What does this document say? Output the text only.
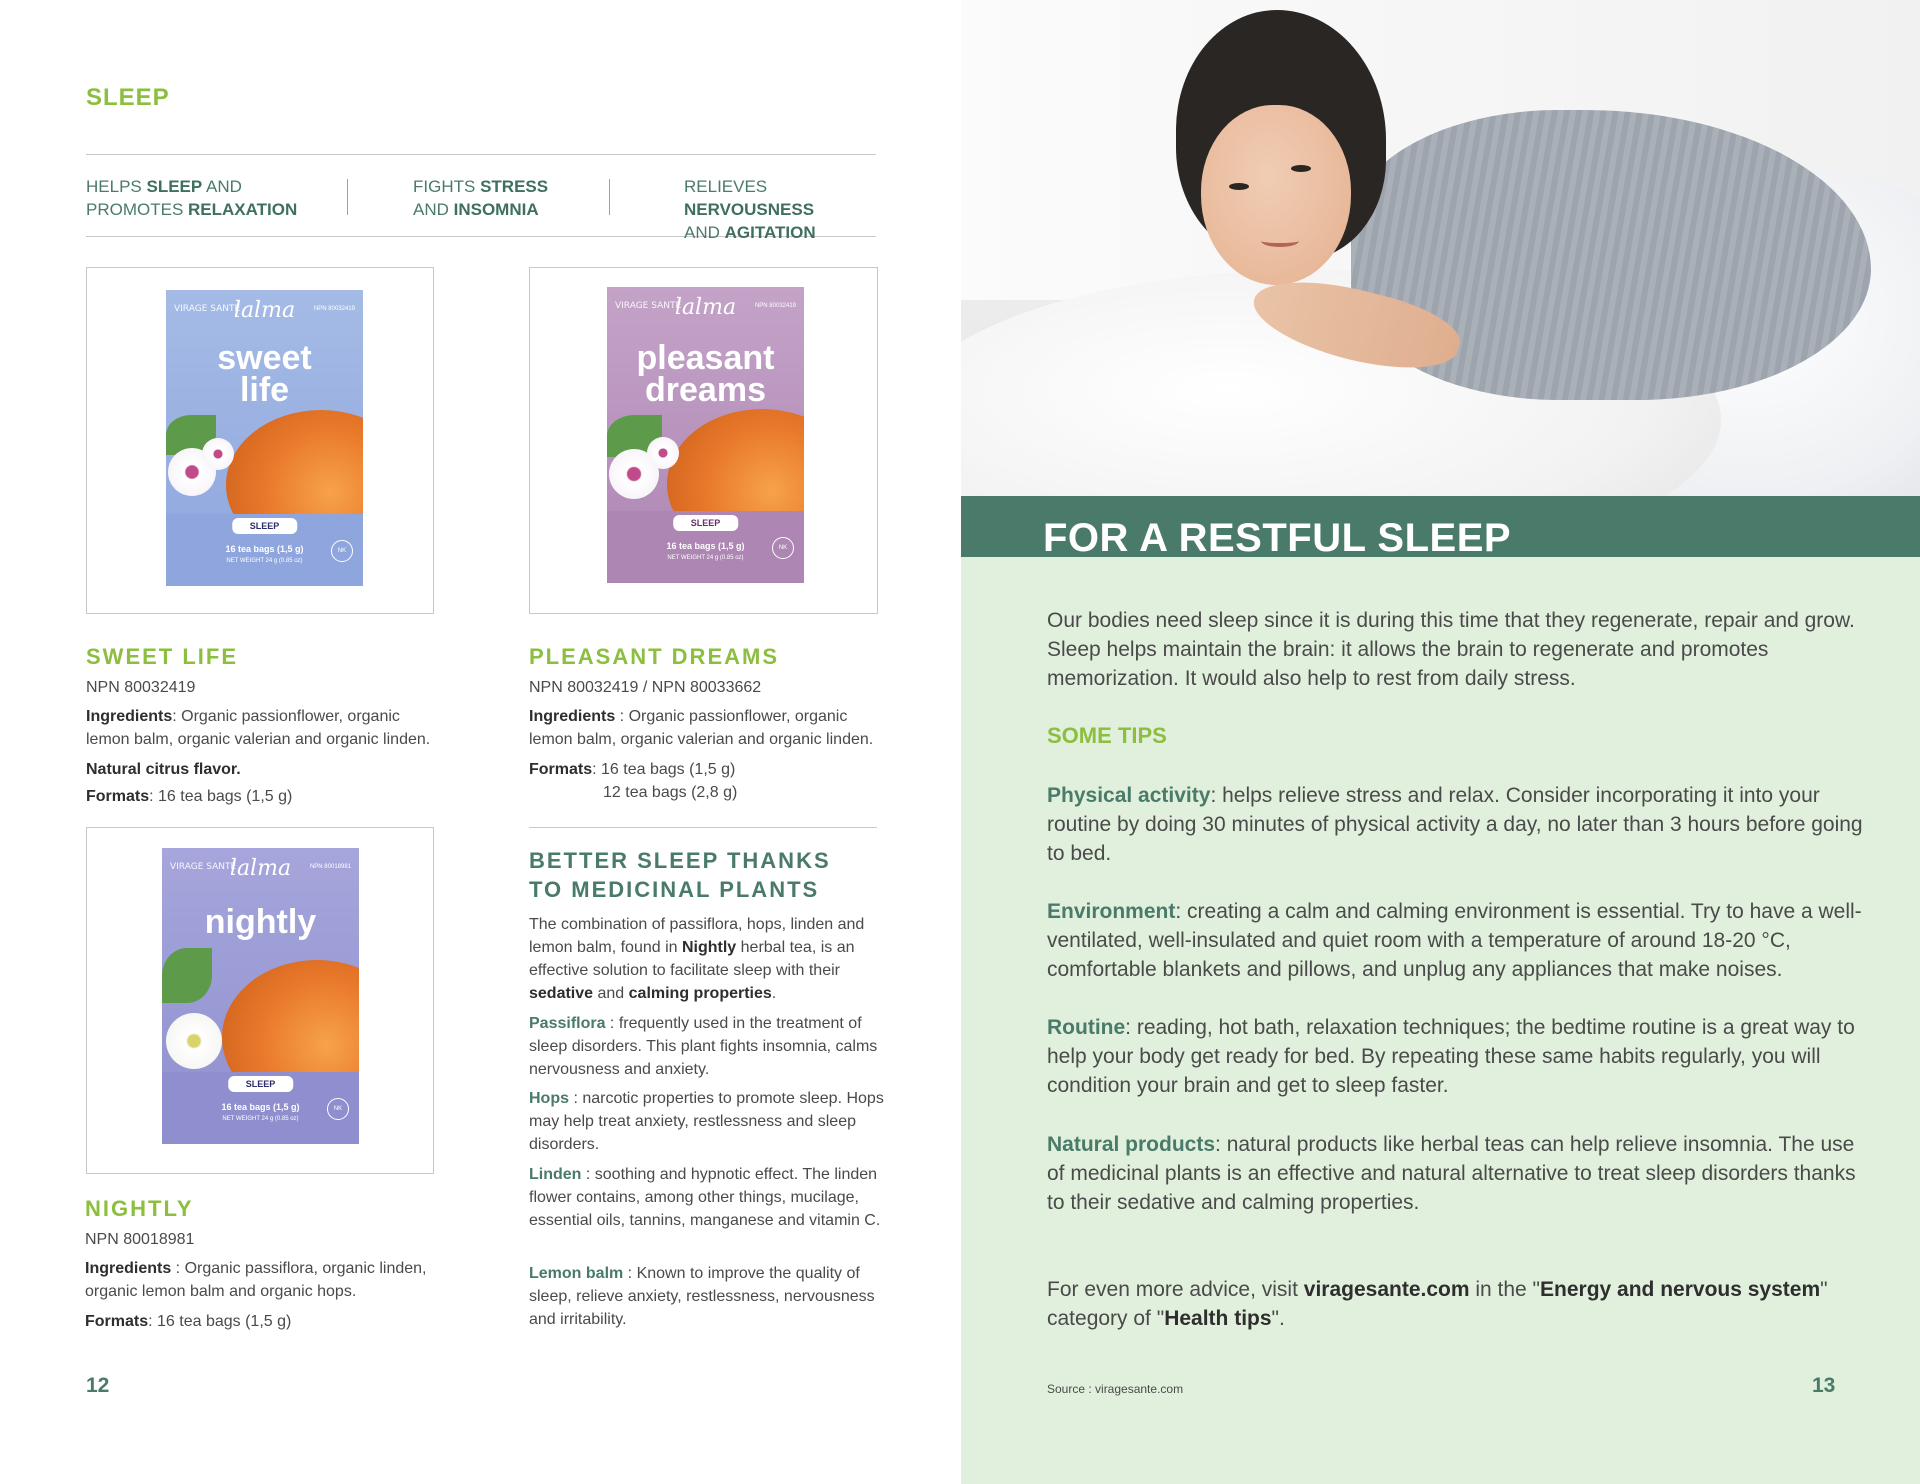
SLEEP
HELPS SLEEP AND
PROMOTES RELAXATION
FIGHTS STRESS
AND INSOMNIA
RELIEVES NERVOUSNESS
AND AGITATION
VIRAGE SANTÉ
lalma	NPN 80032419
sweet
life
SLEEP
16 tea bags (1,5 g)
NET WEIGHT 24 g (0.85 oz)
NK
SWEET LIFE
NPN 80032419
Ingredients: Organic passionflower, organic lemon balm, organic valerian and organic linden.
Natural citrus flavor.
Formats: 16 tea bags (1,5 g)
VIRAGE SANTÉ
lalma	NPN 80032419
pleasant
dreams
SLEEP
16 tea bags (1,5 g)
NET WEIGHT 24 g (0.85 oz)
NK
PLEASANT DREAMS
NPN 80032419 / NPN 80033662
Ingredients : Organic passionflower, organic lemon balm, organic valerian and organic linden.
Formats: 16 tea bags (1,5 g)
12 tea bags (2,8 g)
VIRAGE SANTÉ
lalma	NPN 80018981
nightly
SLEEP
16 tea bags (1,5 g)
NET WEIGHT 24 g (0.85 oz)
NK
NIGHTLY
NPN 80018981
Ingredients : Organic passiflora, organic linden, organic lemon balm and organic hops.
Formats: 16 tea bags (1,5 g)
BETTER SLEEP THANKS
TO MEDICINAL PLANTS
The combination of passiflora, hops, linden and lemon balm, found in Nightly herbal tea, is an effective solution to facilitate sleep with their sedative and calming properties.
Passiflora : frequently used in the treatment of sleep disorders. This plant fights insomnia, calms nervousness and anxiety.
Hops : narcotic properties to promote sleep. Hops may help treat anxiety, restlessness and sleep disorders.
Linden : soothing and hypnotic effect. The linden flower contains, among other things, mucilage, essential oils, tannins, manganese and vitamin C.
Lemon balm : Known to improve the quality of sleep, relieve anxiety, restlessness, nervousness and irritability.
12
FOR A RESTFUL SLEEP
Our bodies need sleep since it is during this time that they regenerate, repair and grow. Sleep helps maintain the brain: it allows the brain to regenerate and promotes memorization. It would also help to rest from daily stress.
SOME TIPS
Physical activity: helps relieve stress and relax. Consider incorporating it into your routine by doing 30 minutes of physical activity a day, no later than 3 hours before going to bed.
Environment: creating a calm and calming environment is essential. Try to have a well-ventilated, well-insulated and quiet room with a temperature of around 18-20 °C, comfortable blankets and pillows, and unplug any appliances that make noises.
Routine: reading, hot bath, relaxation techniques; the bedtime routine is a great way to help your body get ready for bed. By repeating these same habits regularly, you will condition your brain and get to sleep faster.
Natural products: natural products like herbal teas can help relieve insomnia. The use of medicinal plants is an effective and natural alternative to treat sleep disorders thanks to their sedative and calming properties.
For even more advice, visit viragesante.com in the "Energy and nervous system" category of "Health tips".
Source : viragesante.com	13
